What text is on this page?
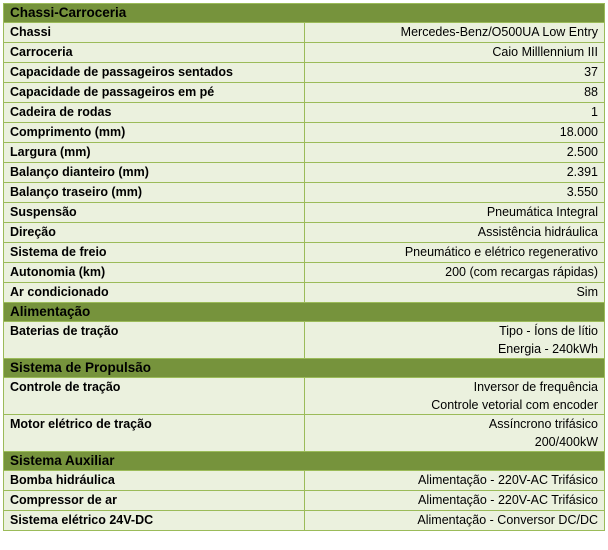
Chassi-Carroceria	
Chassi	Mercedes-Benz/O500UA Low Entry
Carroceria	Caio Milllennium III
Capacidade de passageiros sentados	37
Capacidade de passageiros em pé	88
Cadeira de rodas	1
Comprimento (mm)	18.000
Largura (mm)	2.500
Balanço dianteiro (mm)	2.391
Balanço traseiro (mm)	3.550
Suspensão	Pneumática Integral
Direção	Assistência hidráulica
Sistema de freio	Pneumático e elétrico regenerativo
Autonomia (km)	200 (com recargas rápidas)
Ar condicionado	Sim
Alimentação	
Baterias de tração	Tipo - Íons de lítio
Energia - 240kWh

Sistema de Propulsão	
Controle de tração	Inversor de frequência
Controle vetorial com encoder

Motor elétrico de tração	Assíncrono trifásico
200/400kW

Sistema Auxiliar	
Bomba hidráulica	Alimentação - 220V-AC Trifásico
Compressor de ar	Alimentação - 220V-AC Trifásico
Sistema elétrico 24V-DC	Alimentação - Conversor DC/DC
